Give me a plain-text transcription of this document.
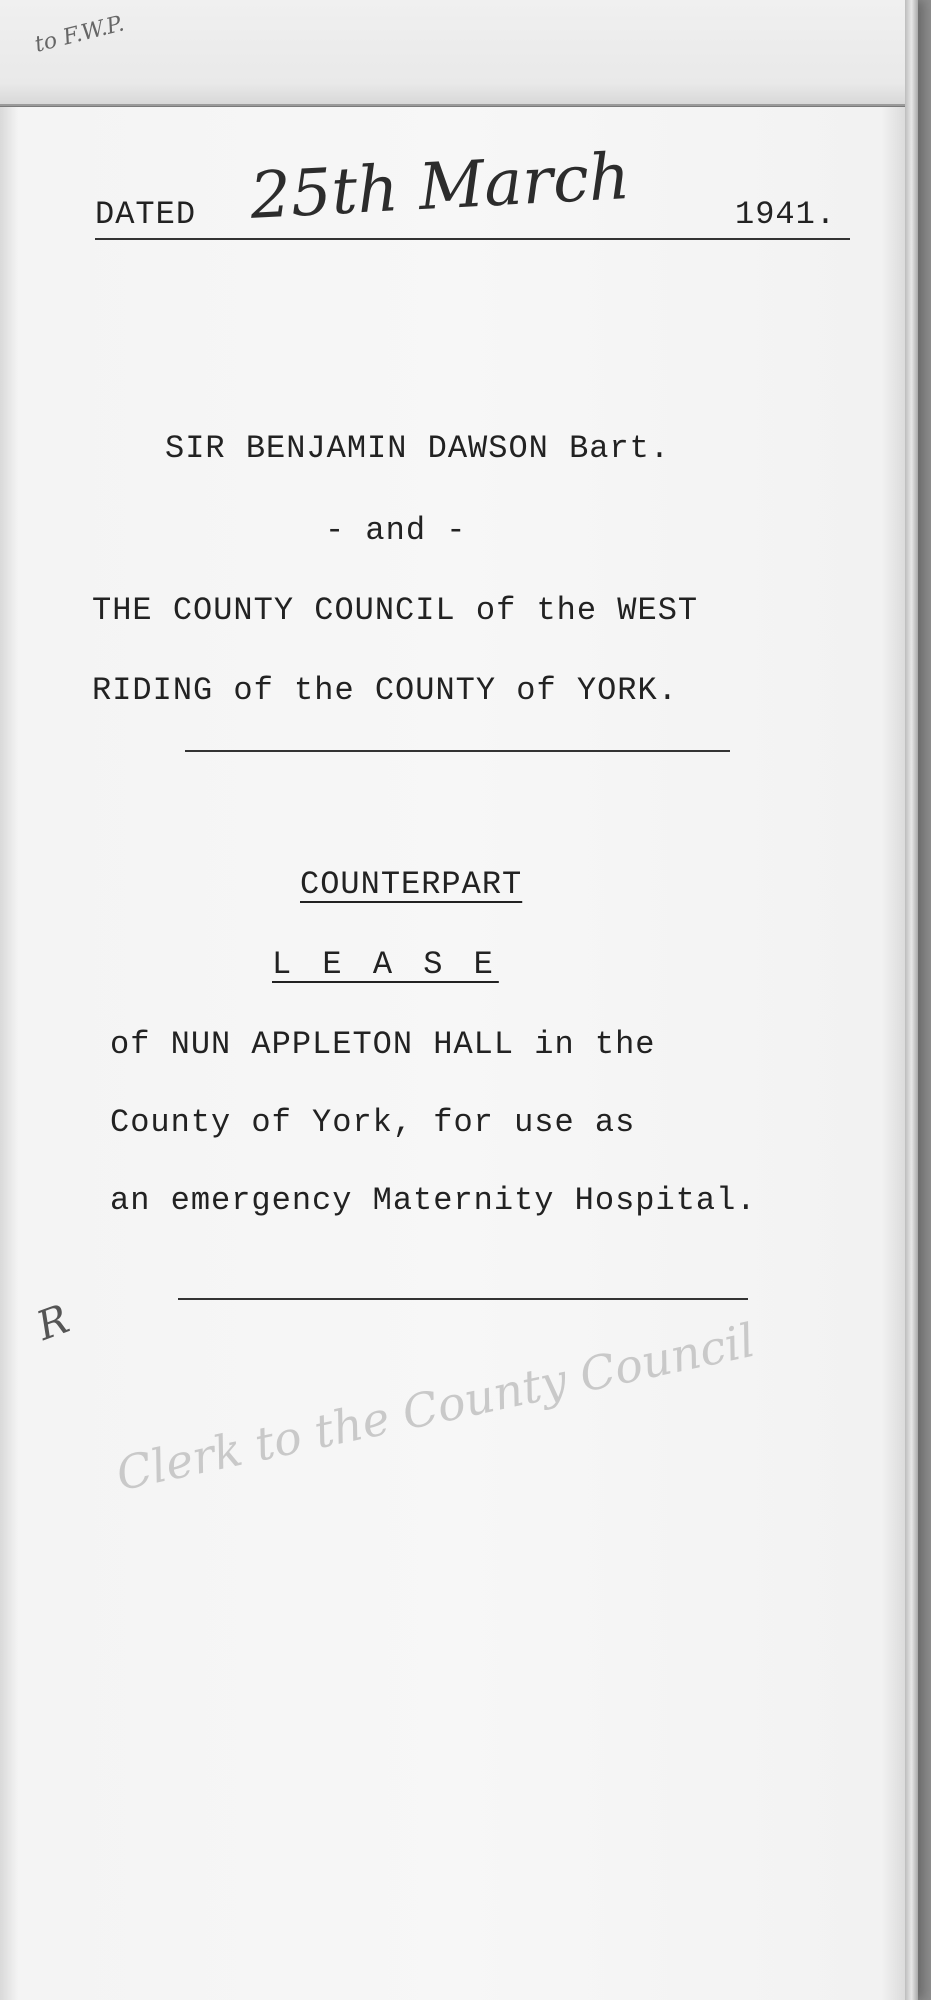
to F.W.P.
DATED 25th March	1941.
SIR BENJAMIN DAWSON Bart.
- and -
THE COUNTY COUNCIL of the WEST
RIDING of the COUNTY of YORK.
COUNTERPART
L E A S E
of NUN APPLETON HALL in the
County of York, for use as
an emergency Maternity Hospital.
R Clerk to the County Council
